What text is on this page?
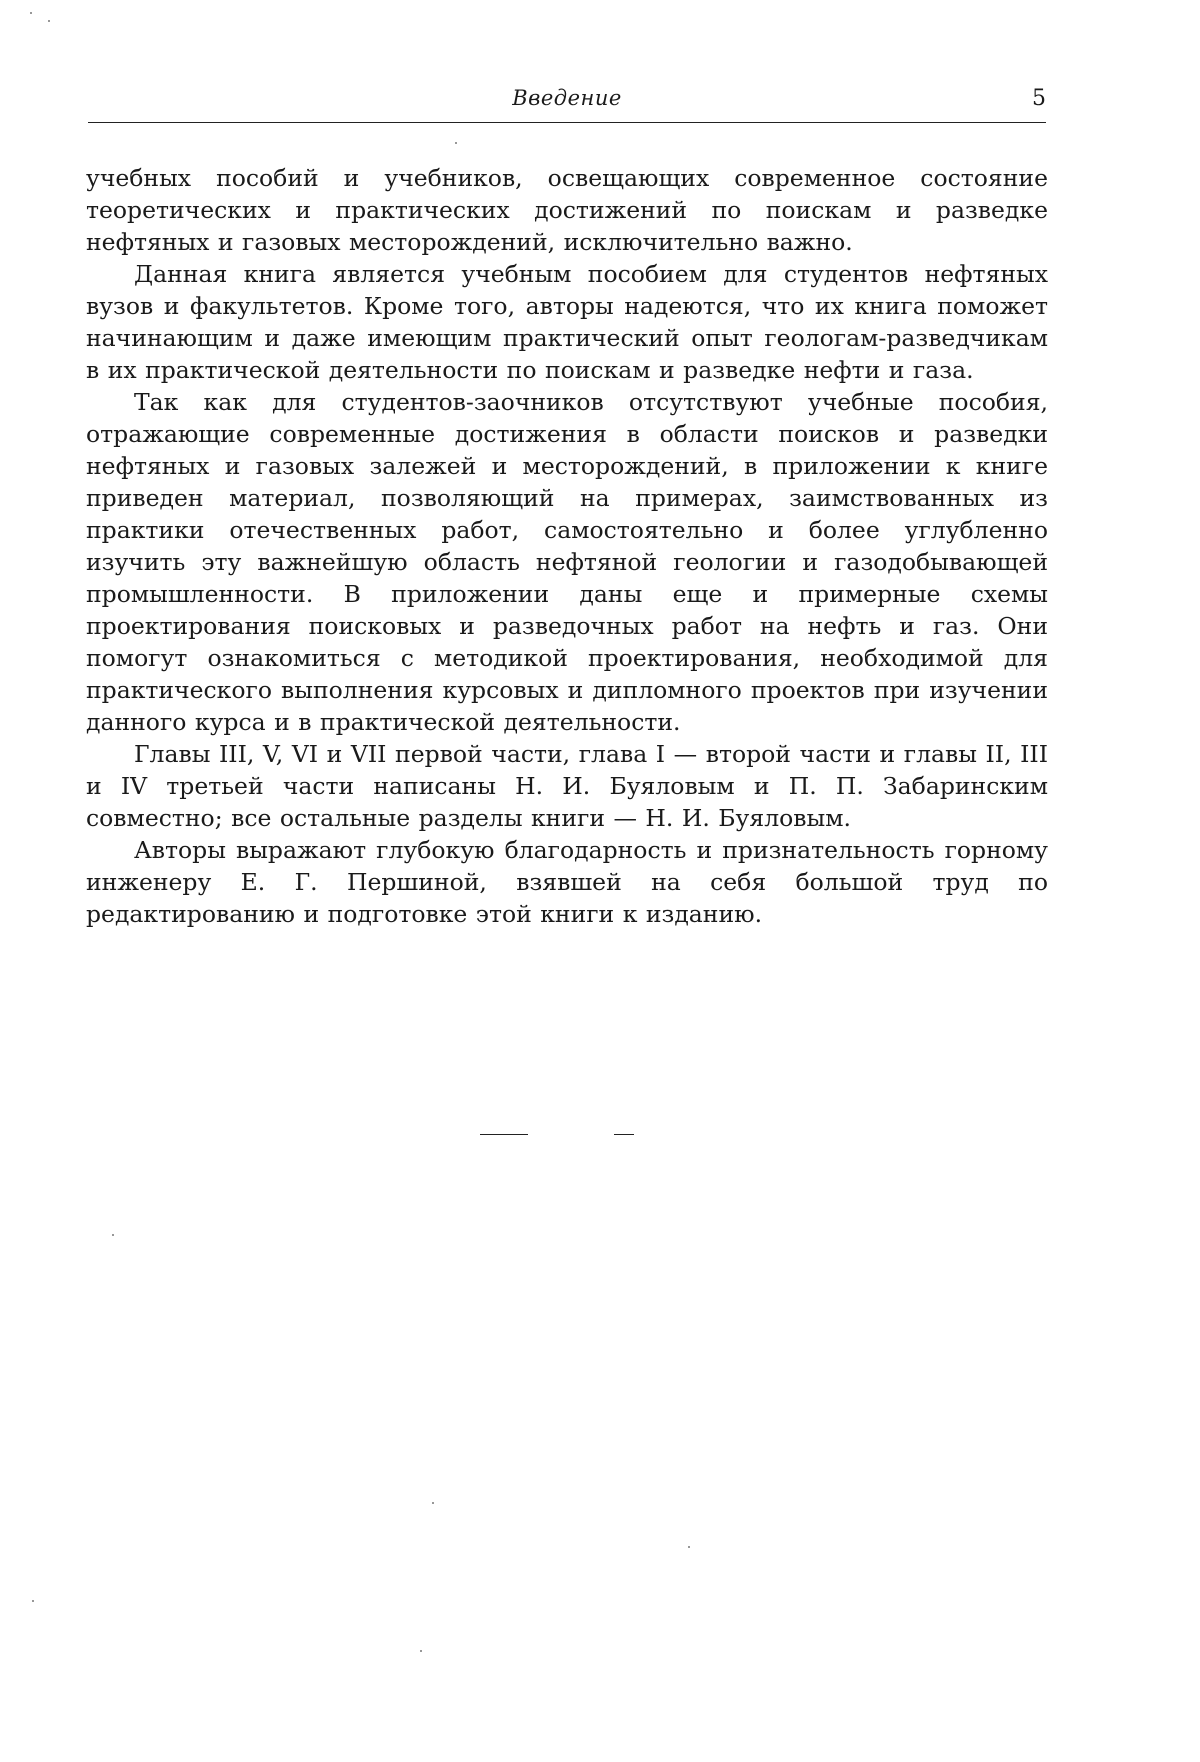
Введение	5

учебных пособий и учебников, освещающих современное состояние теоретических и практических достижений по поискам и разведке нефтяных и газовых месторождений, исключительно важно.

Данная книга является учебным пособием для студентов нефтяных вузов и факультетов. Кроме того, авторы надеются, что их книга поможет начинающим и даже имеющим практический опыт геологам-разведчикам в их практической деятельности по поискам и разведке нефти и газа.

Так как для студентов-заочников отсутствуют учебные пособия, отражающие современные достижения в области поисков и разведки нефтяных и газовых залежей и месторождений, в приложении к книге приведен материал, позволяющий на примерах, заимствованных из практики отечественных работ, самостоятельно и более углубленно изучить эту важнейшую область нефтяной геологии и газодобывающей промышленности. В приложении даны еще и примерные схемы проектирования поисковых и разведочных работ на нефть и газ. Они помогут ознакомиться с методикой проектирования, необходимой для практического выполнения курсовых и дипломного проектов при изучении данного курса и в практической деятельности.

Главы III, V, VI и VII первой части, глава I — второй части и главы II, III и IV третьей части написаны Н. И. Буяловым и П. П. Забаринским совместно; все остальные разделы книги — Н. И. Буяловым.

Авторы выражают глубокую благодарность и признательность горному инженеру Е. Г. Першиной, взявшей на себя большой труд по редактированию и подготовке этой книги к изданию.
